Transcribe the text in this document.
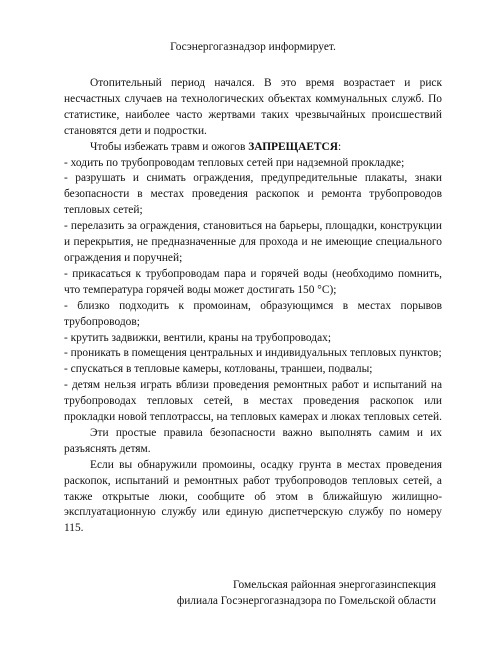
Госэнергогазнадзор информирует.

Отопительный период начался. В это время возрастает и риск несчастных случаев на технологических объектах коммунальных служб. По статистике, наиболее часто жертвами таких чрезвычайных происшествий становятся дети и подростки.

Чтобы избежать травм и ожогов ЗАПРЕЩАЕТСЯ:

- ходить по трубопроводам тепловых сетей при надземной прокладке;

- разрушать и снимать ограждения, предупредительные плакаты, знаки безопасности в местах проведения раскопок и ремонта трубопроводов тепловых сетей;

- перелазить за ограждения, становиться на барьеры, площадки, конструкции и перекрытия, не предназначенные для прохода и не имеющие специального ограждения и поручней;

- прикасаться к трубопроводам пара и горячей воды (необходимо помнить, что температура горячей воды может достигать 150 °С);

- близко подходить к промоинам, образующимся в местах порывов трубопроводов;

- крутить задвижки, вентили, краны на трубопроводах;

- проникать в помещения центральных и индивидуальных тепловых пунктов;

- спускаться в тепловые камеры, котлованы, траншеи, подвалы;

- детям нельзя играть вблизи проведения ремонтных работ и испытаний на трубопроводах тепловых сетей, в местах проведения раскопок или прокладки новой теплотрассы, на тепловых камерах и люках тепловых сетей.

Эти простые правила безопасности важно выполнять самим и их разъяснять детям.

Если вы обнаружили промоины, осадку грунта в местах проведения раскопок, испытаний и ремонтных работ трубопроводов тепловых сетей, а также открытые люки, сообщите об этом в ближайшую жилищно-эксплуатационную службу или единую диспетчерскую службу по номеру 115.

Гомельская районная энергогазинспекция
филиала Госэнергогазнадзора по Гомельской области
